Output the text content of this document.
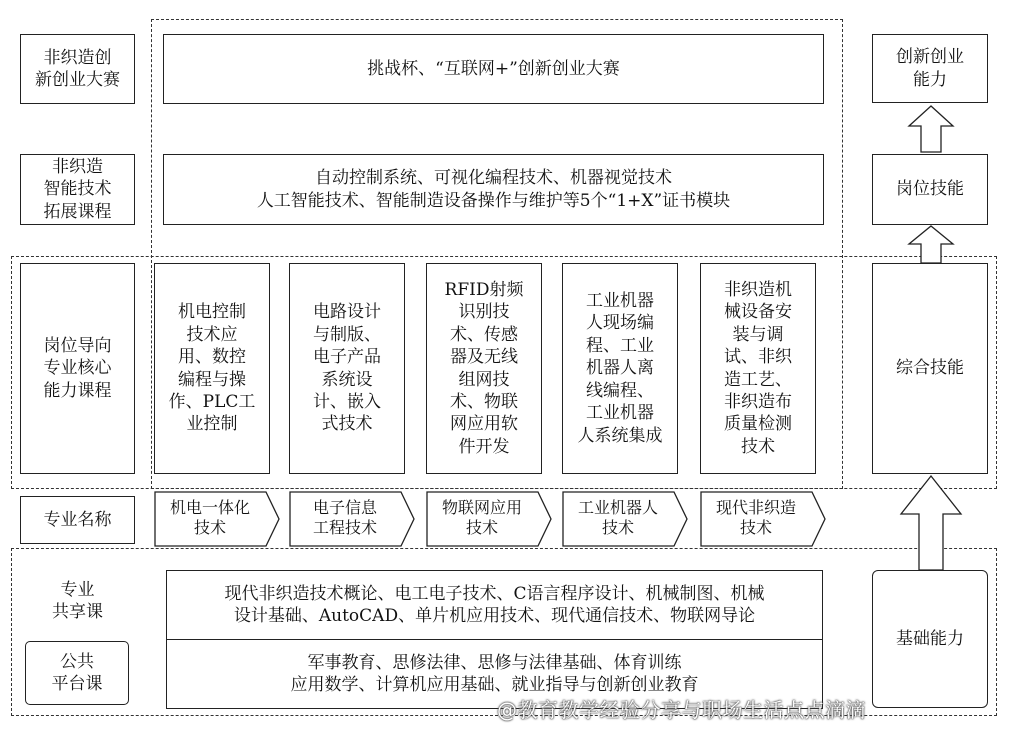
非织造创
新创业大赛
非织造
智能技术
拓展课程
岗位导向
专业核心
能力课程
专业名称
专业
共享课
公共
平台课
挑战杯、“互联网+”创新创业大赛
自动控制系统、可视化编程技术、机器视觉技术
人工智能技术、智能制造设备操作与维护等5个“1+X”证书模块
机电控制
技术应
用、数控
编程与操
作、PLC工
业控制
电路设计
与制版、
电子产品
系统设
计、嵌入
式技术
RFID射频
识别技
术、传感
器及无线
组网技
术、物联
网应用软
件开发
工业机器
人现场编
程、工业
机器人离
线编程、
工业机器
人系统集成
非织造机
械设备安
装与调
试、非织
造工艺、
非织造布
质量检测
技术
机电一体化
技术
电子信息
工程技术
物联网应用
技术
工业机器人
技术
现代非织造
技术
现代非织造技术概论、电工电子技术、C语言程序设计、机械制图、机械
设计基础、AutoCAD、单片机应用技术、现代通信技术、物联网导论
军事教育、思修法律、思修与法律基础、体育训练
应用数学、计算机应用基础、就业指导与创新创业教育
创新创业
能力
岗位技能
综合技能
基础能力
@教育教学经验分享与职场生活点点滴滴
